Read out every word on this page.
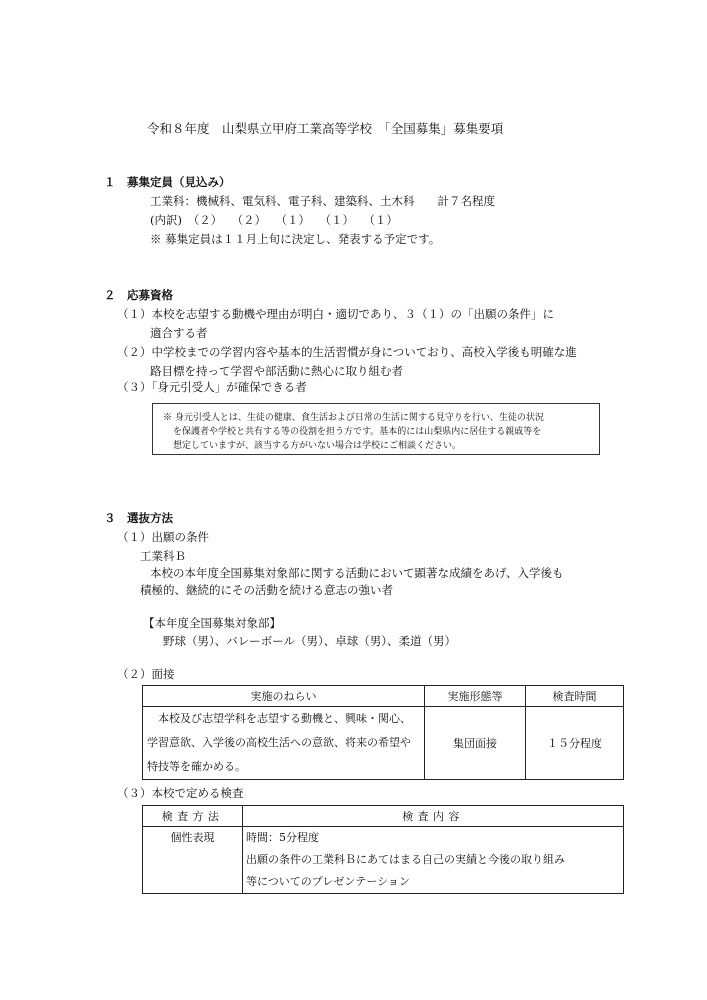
令和８年度　山梨県立甲府工業高等学校　「全国募集」募集要項
１　募集定員（見込み）
工業科：機械科、電気科、電子科、建築科、土木科　　計７名程度
(内訳)　（２）　 （２）　 （１）　 （１）　 （１）
※ 募集定員は１１月上旬に決定し、発表する予定です。
２　応募資格
（１）本校を志望する動機や理由が明白・適切であり、３（１）の「出願の条件」に
適合する者
（２）中学校までの学習内容や基本的生活習慣が身についており、高校入学後も明確な進
路目標を持って学習や部活動に熱心に取り組む者
（３）「身元引受人」が確保できる者
※ 身元引受人とは、生徒の健康、食生活および日常の生活に関する見守りを行い、生徒の状況
を保護者や学校と共有する等の役割を担う方です。基本的には山梨県内に居住する親戚等を
想定していますが、該当する方がいない場合は学校にご相談ください。
３　選抜方法
（１）出願の条件
工業科Ｂ
本校の本年度全国募集対象部に関する活動において顕著な成績をあげ、入学後も
積極的、継続的にその活動を続ける意志の強い者
【本年度全国募集対象部】
野球（男）、バレーボール（男）、卓球（男）、柔道（男）
（２）面接
実施のねらい	実施形態等	検査時間
本校及び志望学科を志望する動機と、興味・関心、学習意欲、入学後の高校生活への意欲、将来の希望や特技等を確かめる。	集団面接	１５分程度
（３）本校で定める検査
検査方法	検査内容
個性表現	時間：5分程度
出願の条件の工業科Ｂにあてはまる自己の実績と今後の取り組み
等についてのプレゼンテーション
